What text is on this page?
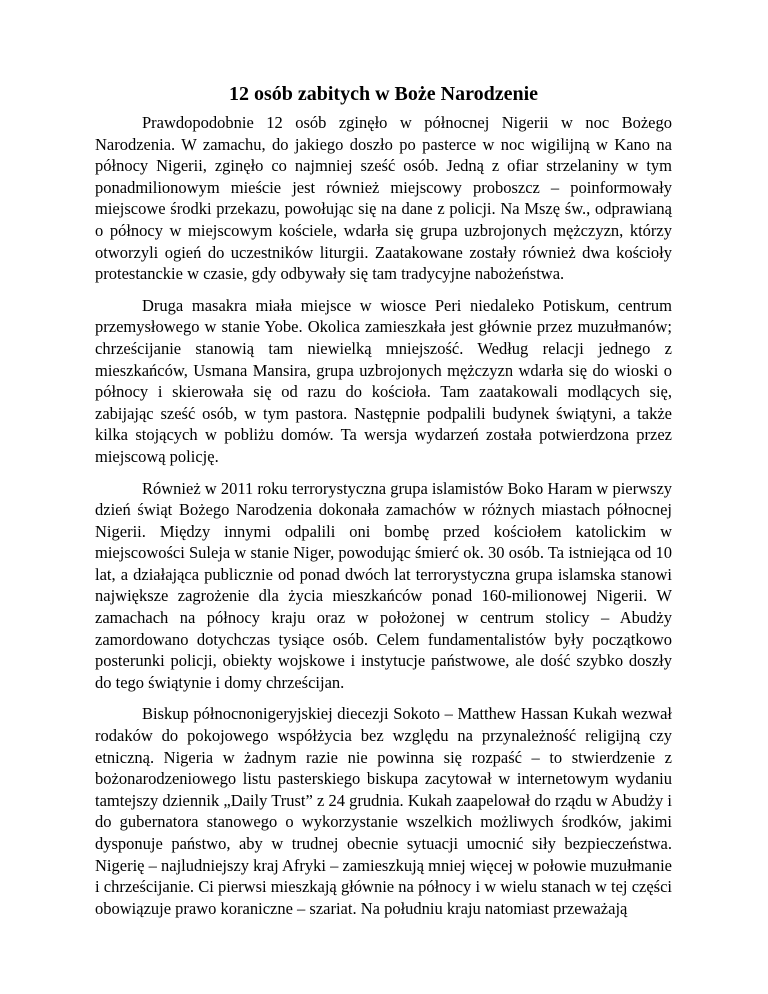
12 osób zabitych w Boże Narodzenie

Prawdopodobnie 12 osób zginęło w północnej Nigerii w noc Bożego Narodzenia. W zamachu, do jakiego doszło po pasterce w noc wigilijną w Kano na północy Nigerii, zginęło co najmniej sześć osób. Jedną z ofiar strzelaniny w tym ponadmilionowym mieście jest również miejscowy proboszcz – poinformowały miejscowe środki przekazu, powołując się na dane z policji. Na Mszę św., odprawianą o północy w miejscowym kościele, wdarła się grupa uzbrojonych mężczyzn, którzy otworzyli ogień do uczestników liturgii. Zaatakowane zostały również dwa kościoły protestanckie w czasie, gdy odbywały się tam tradycyjne nabożeństwa.

Druga masakra miała miejsce w wiosce Peri niedaleko Potiskum, centrum przemysłowego w stanie Yobe. Okolica zamieszkała jest głównie przez muzułmanów; chrześcijanie stanowią tam niewielką mniejszość. Według relacji jednego z mieszkańców, Usmana Mansira, grupa uzbrojonych mężczyzn wdarła się do wioski o północy i skierowała się od razu do kościoła. Tam zaatakowali modlących się, zabijając sześć osób, w tym pastora. Następnie podpalili budynek świątyni, a także kilka stojących w pobliżu domów. Ta wersja wydarzeń została potwierdzona przez miejscową policję.

Również w 2011 roku terrorystyczna grupa islamistów Boko Haram w pierwszy dzień świąt Bożego Narodzenia dokonała zamachów w różnych miastach północnej Nigerii. Między innymi odpalili oni bombę przed kościołem katolickim w miejscowości Suleja w stanie Niger, powodując śmierć ok. 30 osób. Ta istniejąca od 10 lat, a działająca publicznie od ponad dwóch lat terrorystyczna grupa islamska stanowi największe zagrożenie dla życia mieszkańców ponad 160-milionowej Nigerii. W zamachach na północy kraju oraz w położonej w centrum stolicy – Abudży zamordowano dotychczas tysiące osób. Celem fundamentalistów były początkowo posterunki policji, obiekty wojskowe i instytucje państwowe, ale dość szybko doszły do tego świątynie i domy chrześcijan.

Biskup północnonigeryjskiej diecezji Sokoto – Matthew Hassan Kukah wezwał rodaków do pokojowego współżycia bez względu na przynależność religijną czy etniczną. Nigeria w żadnym razie nie powinna się rozpaść – to stwierdzenie z bożonarodzeniowego listu pasterskiego biskupa zacytował w internetowym wydaniu tamtejszy dziennik „Daily Trust” z 24 grudnia. Kukah zaapelował do rządu w Abudży i do gubernatora stanowego o wykorzystanie wszelkich możliwych środków, jakimi dysponuje państwo, aby w trudnej obecnie sytuacji umocnić siły bezpieczeństwa. Nigerię – najludniejszy kraj Afryki – zamieszkują mniej więcej w połowie muzułmanie i chrześcijanie. Ci pierwsi mieszkają głównie na północy i w wielu stanach w tej części obowiązuje prawo koraniczne – szariat. Na południu kraju natomiast przeważają
